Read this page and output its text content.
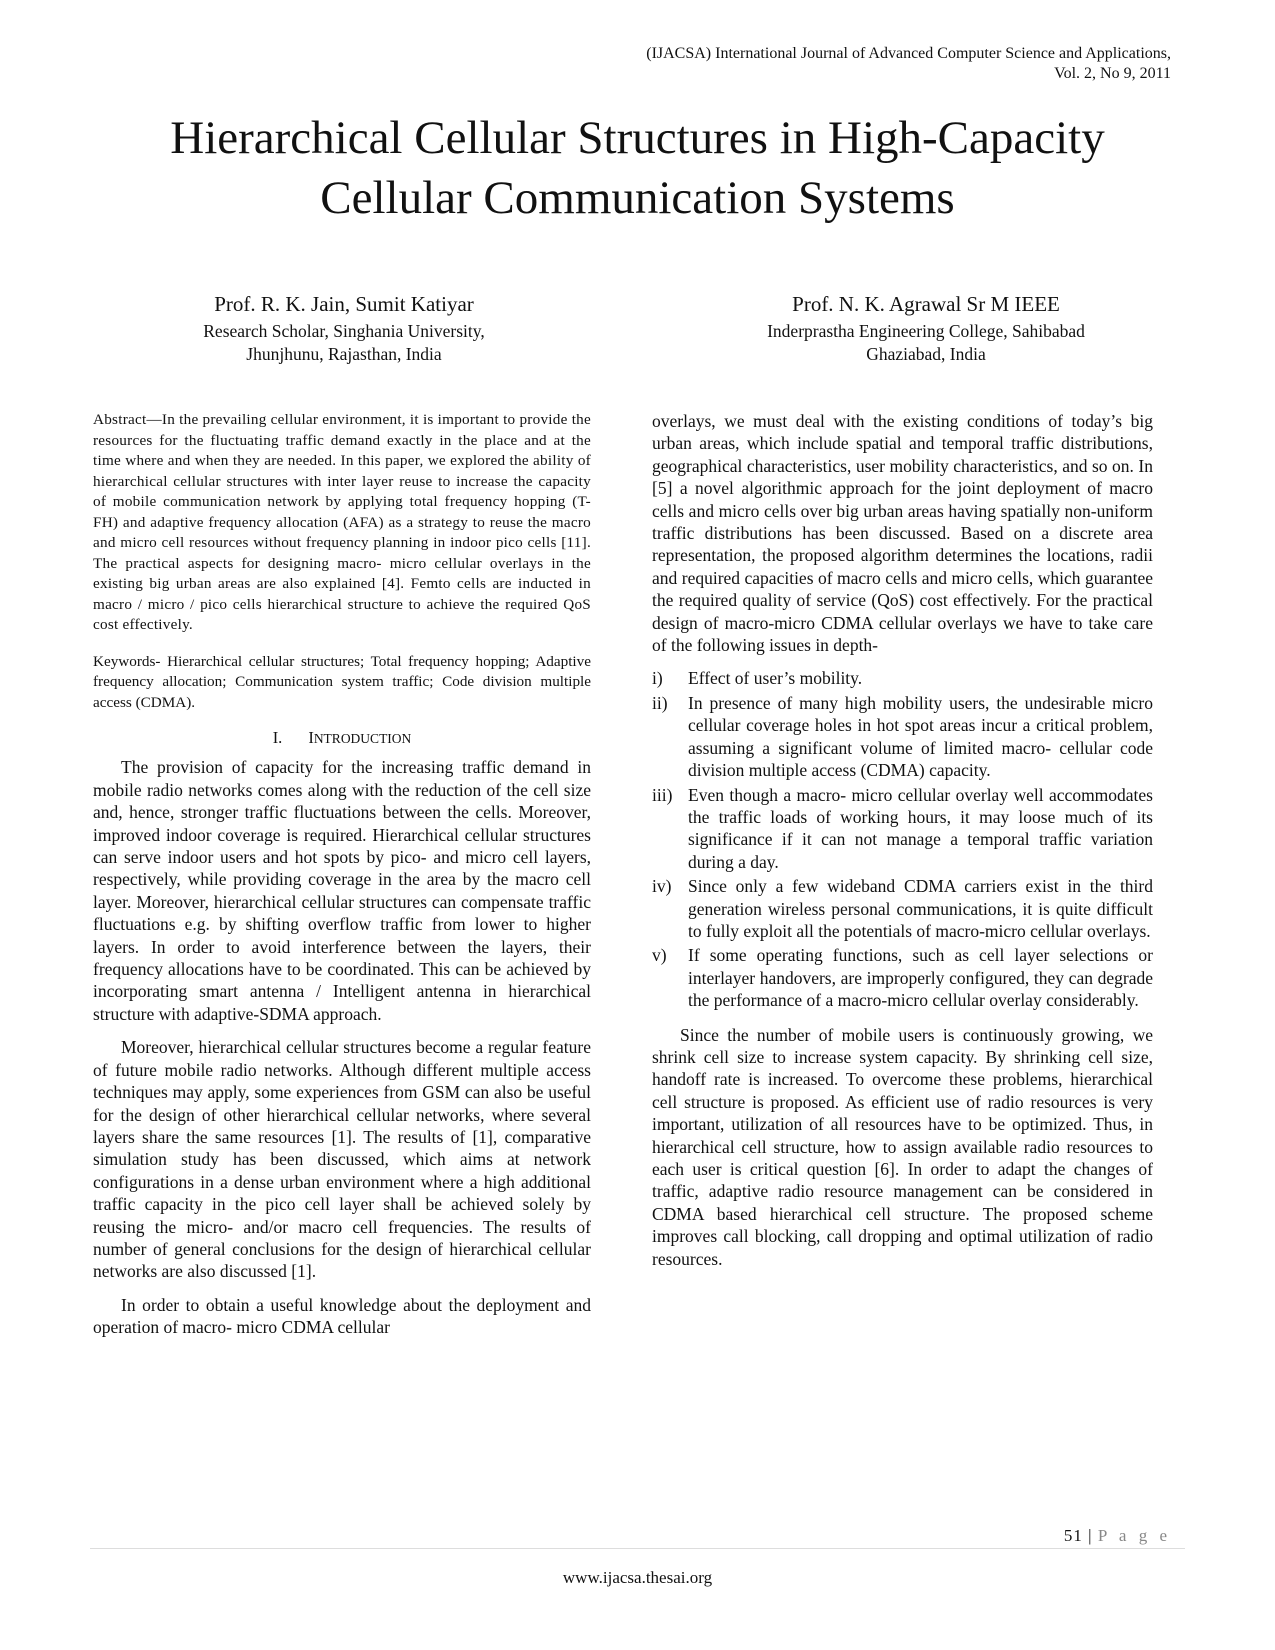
(IJACSA) International Journal of Advanced Computer Science and Applications,
Vol. 2, No 9, 2011
Hierarchical Cellular Structures in High-Capacity
Cellular Communication Systems
Prof. R. K. Jain, Sumit Katiyar
Research Scholar, Singhania University,
Jhunjhunu, Rajasthan, India
Prof. N. K. Agrawal Sr M IEEE
Inderprastha Engineering College, Sahibabad
Ghaziabad, India

Abstract—In the prevailing cellular environment, it is important to provide the resources for the fluctuating traffic demand exactly in the place and at the time where and when they are needed. In this paper, we explored the ability of hierarchical cellular structures with inter layer reuse to increase the capacity of mobile communication network by applying total frequency hopping (T-FH) and adaptive frequency allocation (AFA) as a strategy to reuse the macro and micro cell resources without frequency planning in indoor pico cells [11]. The practical aspects for designing macro- micro cellular overlays in the existing big urban areas are also explained [4]. Femto cells are inducted in macro / micro / pico cells hierarchical structure to achieve the required QoS cost effectively.

Keywords- Hierarchical cellular structures; Total frequency hopping; Adaptive frequency allocation; Communication system traffic; Code division multiple access (CDMA).

I. INTRODUCTION

The provision of capacity for the increasing traffic demand in mobile radio networks comes along with the reduction of the cell size and, hence, stronger traffic fluctuations between the cells. Moreover, improved indoor coverage is required. Hierarchical cellular structures can serve indoor users and hot spots by pico- and micro cell layers, respectively, while providing coverage in the area by the macro cell layer. Moreover, hierarchical cellular structures can compensate traffic fluctuations e.g. by shifting overflow traffic from lower to higher layers. In order to avoid interference between the layers, their frequency allocations have to be coordinated. This can be achieved by incorporating smart antenna / Intelligent antenna in hierarchical structure with adaptive-SDMA approach.

Moreover, hierarchical cellular structures become a regular feature of future mobile radio networks. Although different multiple access techniques may apply, some experiences from GSM can also be useful for the design of other hierarchical cellular networks, where several layers share the same resources [1]. The results of [1], comparative simulation study has been discussed, which aims at network configurations in a dense urban environment where a high additional traffic capacity in the pico cell layer shall be achieved solely by reusing the micro- and/or macro cell frequencies. The results of number of general conclusions for the design of hierarchical cellular networks are also discussed [1].

In order to obtain a useful knowledge about the deployment and operation of macro- micro CDMA cellular

overlays, we must deal with the existing conditions of today’s big urban areas, which include spatial and temporal traffic distributions, geographical characteristics, user mobility characteristics, and so on. In [5] a novel algorithmic approach for the joint deployment of macro cells and micro cells over big urban areas having spatially non-uniform traffic distributions has been discussed. Based on a discrete area representation, the proposed algorithm determines the locations, radii and required capacities of macro cells and micro cells, which guarantee the required quality of service (QoS) cost effectively. For the practical design of macro-micro CDMA cellular overlays we have to take care of the following issues in depth-

i)	Effect of user’s mobility.
ii)	In presence of many high mobility users, the undesirable micro cellular coverage holes in hot spot areas incur a critical problem, assuming a significant volume of limited macro- cellular code division multiple access (CDMA) capacity.
iii) Even though a macro- micro cellular overlay well accommodates the traffic loads of working hours, it may loose much of its significance if it can not manage a temporal traffic variation during a day.
iv) Since only a few wideband CDMA carriers exist in the third generation wireless personal communications, it is quite difficult to fully exploit all the potentials of macro-micro cellular overlays.
v)	If some operating functions, such as cell layer selections or interlayer handovers, are improperly configured, they can degrade the performance of a macro-micro cellular overlay considerably.

Since the number of mobile users is continuously growing, we shrink cell size to increase system capacity. By shrinking cell size, handoff rate is increased. To overcome these problems, hierarchical cell structure is proposed. As efficient use of radio resources is very important, utilization of all resources have to be optimized. Thus, in hierarchical cell structure, how to assign available radio resources to each user is critical question [6]. In order to adapt the changes of traffic, adaptive radio resource management can be considered in CDMA based hierarchical cell structure. The proposed scheme improves call blocking, call dropping and optimal utilization of radio resources.

51 | P a g e
www.ijacsa.thesai.org
